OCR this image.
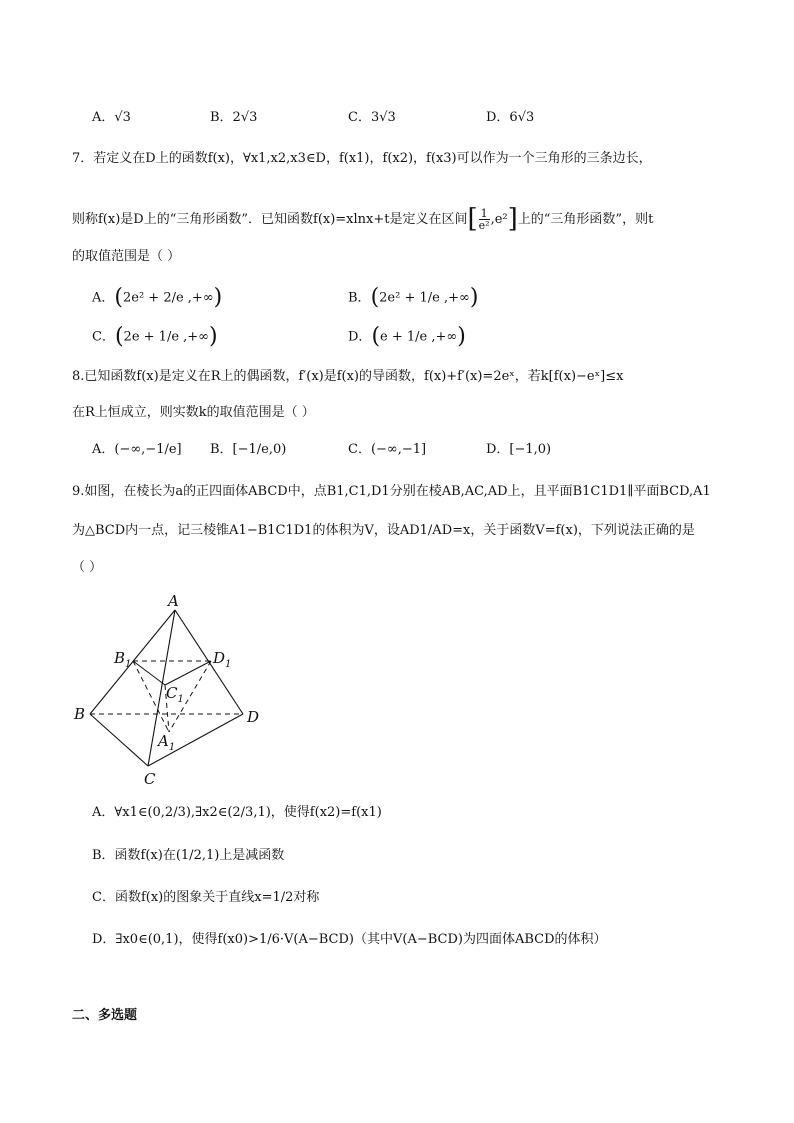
A．√3	B．2√3	C．3√3	D．6√3
7．若定义在D上的函数f(x)，∀x1,x2,x3∈D，f(x1)，f(x2)，f(x3)可以作为一个三角形的三条边长，
则称f(x)是D上的“三角形函数”．已知函数f(x)=xlnx+t是定义在区间[ $\frac{1}{\text{e²}} ,e^2$]上的“三角形函数”，则t
的取值范围是（ ）
A．(2e² + 2/e ,+∞)	B．(2e² + 1/e ,+∞)
C．(2e + 1/e ,+∞)	D．(e + 1/e ,+∞)
8.已知函数f(x)是定义在R上的偶函数，f′(x)是f(x)的导函数，f(x)+f′(x)=2eˣ，若k[f(x)−eˣ]≤x
在R上恒成立，则实数k的取值范围是（ ）
A．(−∞,−1/e] B．[−1/e,0)	C．(−∞,−1]	D．[−1,0)
9.如图，在棱长为a的正四面体ABCD中，点B1,C1,D1分别在棱AB,AC,AD上，且平面B1C1D1∥平面BCD,A1
为△BCD内一点，记三棱锥A1−B1C1D1的体积为V，设AD1/AD=x，关于函数V=f(x)，下列说法正确的是
（ ）
A
B
C
D
$B_1$	$D_1$
$C_1$
$A_1$
A．∀x1∈(0,2/3),∃x2∈(2/3,1)，使得f(x2)=f(x1)
B．函数f(x)在(1/2,1)上是减函数
C．函数f(x)的图象关于直线x=1/2对称
D．∃x0∈(0,1)，使得f(x0)>1/6·V(A−BCD)（其中V(A−BCD)为四面体ABCD的体积）
二、多选题
